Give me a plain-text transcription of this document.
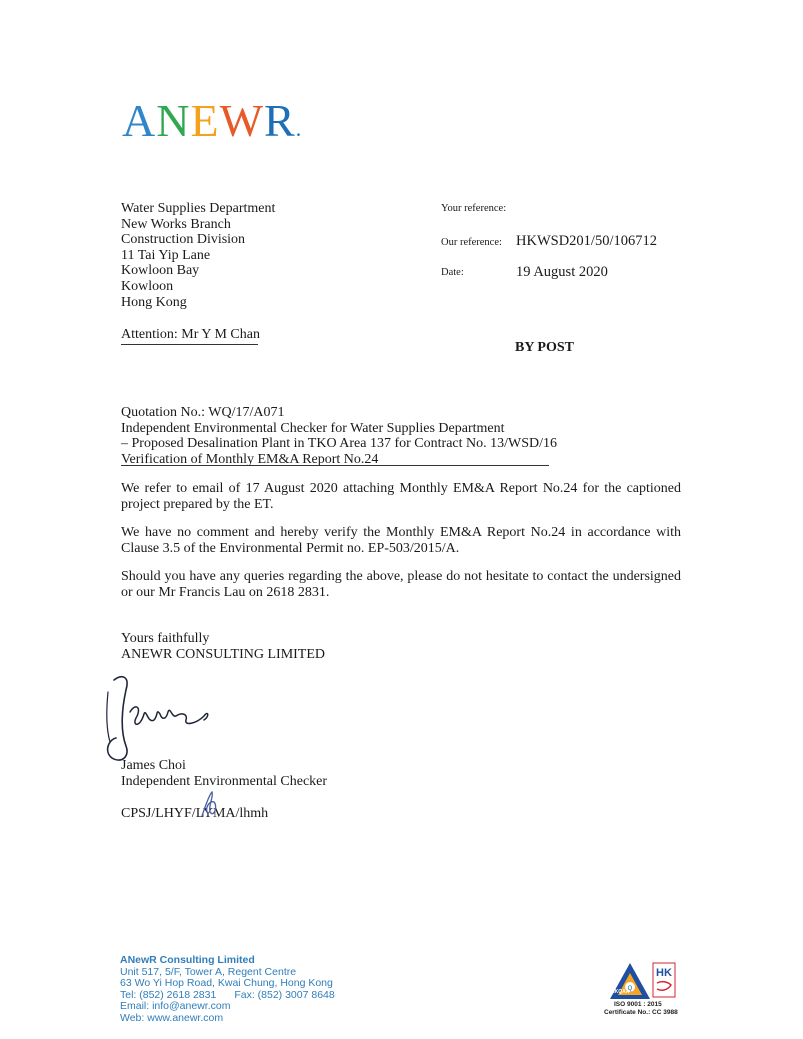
ANEWR.
Water Supplies Department
New Works Branch
Construction Division
11 Tai Yip Lane
Kowloon Bay
Kowloon
Hong Kong
Attention: Mr Y M Chan
Your reference:
Our reference: HKWSD201/50/106712
Date:	19 August 2020
BY POST
Quotation No.: WQ/17/A071
Independent Environmental Checker for Water Supplies Department
– Proposed Desalination Plant in TKO Area 137 for Contract No. 13/WSD/16
Verification of Monthly EM&A Report No.24
We refer to email of 17 August 2020 attaching Monthly EM&A Report No.24 for the captioned project prepared by the ET.
We have no comment and hereby verify the Monthly EM&A Report No.24 in accordance with Clause 3.5 of the Environmental Permit no. EP-503/2015/A.
Should you have any queries regarding the above, please do not hesitate to contact the undersigned or our Mr Francis Lau on 2618 2831.
Yours faithfully
ANEWR CONSULTING LIMITED
James Choi
Independent Environmental Checker
CPSJ/LHYF/LYMA/lhmh
ANewR Consulting Limited
Unit 517, 5/F, Tower A, Regent Centre
63 Wo Yi Hop Road, Kwai Chung, Hong Kong
Tel: (852) 2618 2831 Fax: (852) 3007 8648
Email: info@anewr.com
Web: www.anewr.com
Q
HK
HKQAA
ISO 9001 : 2015
Certificate No.: CC 3988
